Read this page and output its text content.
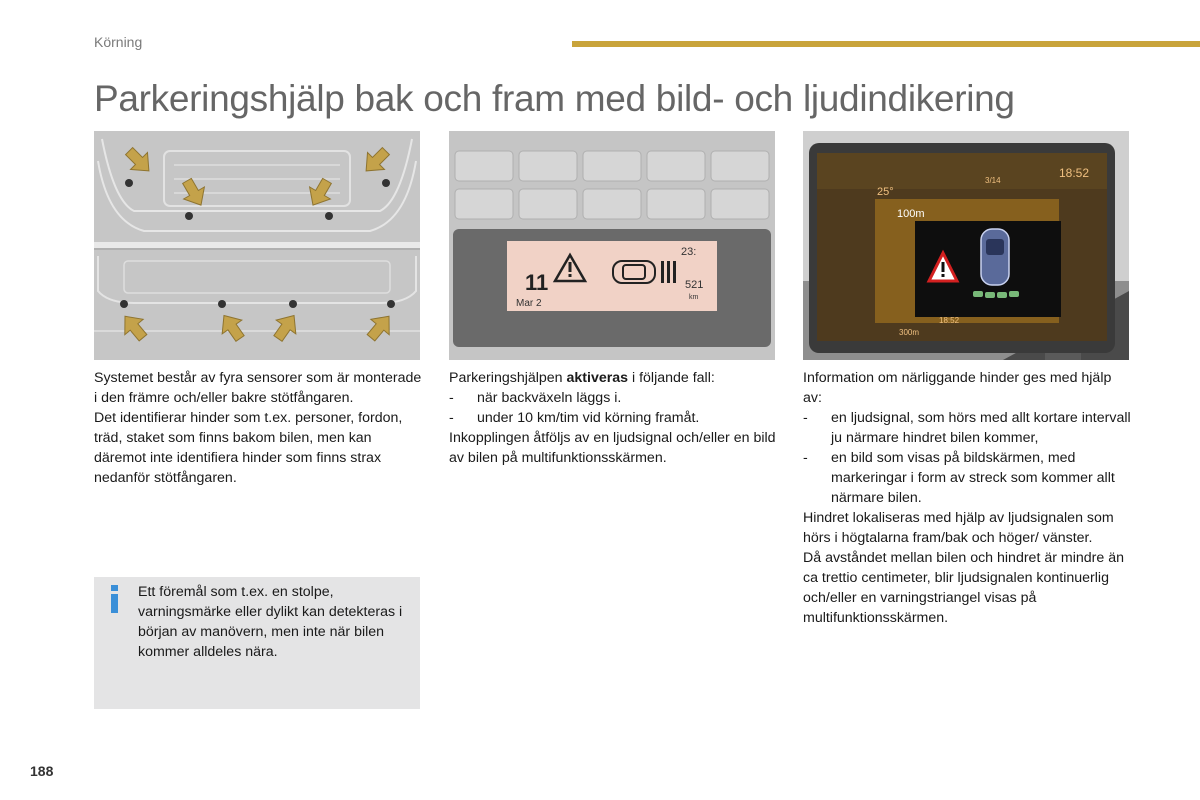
Körning
Parkeringshjälp bak och fram med bild- och ljudindikering
23:
11
Mar 2
521
km
25°
3/14
18:52
100m
300m
18:52

Systemet består av fyra sensorer som är monterade i den främre och/eller bakre stötfångaren.

Det identifierar hinder som t.ex. personer, fordon, träd, staket som finns bakom bilen, men kan däremot inte identifiera hinder som finns strax nedanför stötfångaren.

Parkeringshjälpen aktiveras i följande fall:

- när backväxeln läggs i.
- under 10 km/tim vid körning framåt.

Inkopplingen åtföljs av en ljudsignal och/eller en bild av bilen på multifunktionsskärmen.

Information om närliggande hinder ges med hjälp av:

- en ljudsignal, som hörs med allt kortare intervall ju närmare hindret bilen kommer,
- en bild som visas på bildskärmen, med markeringar i form av streck som kommer allt närmare bilen.

Hindret lokaliseras med hjälp av ljudsignalen som hörs i högtalarna fram/bak och höger/ vänster.

Då avståndet mellan bilen och hindret är mindre än ca trettio centimeter, blir ljudsignalen kontinuerlig och/eller en varningstriangel visas på multifunktionsskärmen.

Ett föremål som t.ex. en stolpe, varningsmärke eller dylikt kan detekteras i början av manövern, men inte när bilen kommer alldeles nära.
188
